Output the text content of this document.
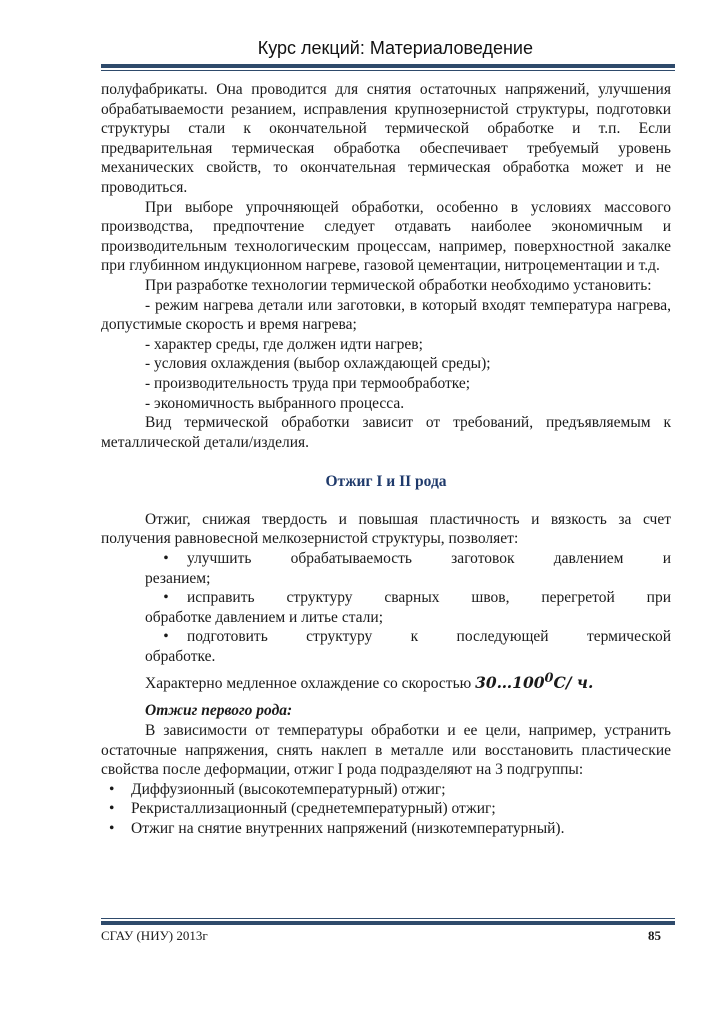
Курс лекций: Материаловедение

полуфабрикаты. Она проводится для снятия остаточных напряжений, улучшения обрабатываемости резанием, исправления крупнозернистой структуры, подготовки структуры стали к окончательной термической обработке и т.п. Если предварительная термическая обработка обеспечивает требуемый уровень механических свойств, то окончательная термическая обработка может и не проводиться.

При выборе упрочняющей обработки, особенно в условиях массового производства, предпочтение следует отдавать наиболее экономичным и производительным технологическим процессам, например, поверхностной закалке при глубинном индукционном нагреве, газовой цементации, нитроцементации и т.д.

При разработке технологии термической обработки необходимо установить:

- режим нагрева детали или заготовки, в который входят температура нагрева, допустимые скорость и время нагрева;

- характер среды, где должен идти нагрев;

- условия охлаждения (выбор охлаждающей среды);

- производительность труда при термообработке;

- экономичность выбранного процесса.

Вид термической обработки зависит от требований, предъявляемым к металлической детали/изделия.

Отжиг I и II рода

Отжиг, снижая твердость и повышая пластичность и вязкость за счет получения равновесной мелкозернистой структуры, позволяет:

•	улучшить обрабатываемость заготовок давлением и
резанием;
•	исправить структуру сварных швов, перегретой при
обработке давлением и литье стали;
•	подготовить структуру к последующей термической
обработке.

Характерно медленное охлаждение со скоростью $30\dots 100^0С/$ ч.

Отжиг первого рода:

В зависимости от температуры обработки и ее цели, например, устранить остаточные напряжения, снять наклеп в металле или восстановить пластические свойства после деформации, отжиг I рода подразделяют на 3 подгруппы:

•	Диффузионный (высокотемпературный) отжиг;
•	Рекристаллизационный (среднетемпературный) отжиг;
•	Отжиг на снятие внутренних напряжений (низкотемпературный).
СГАУ (НИУ) 2013г	85
